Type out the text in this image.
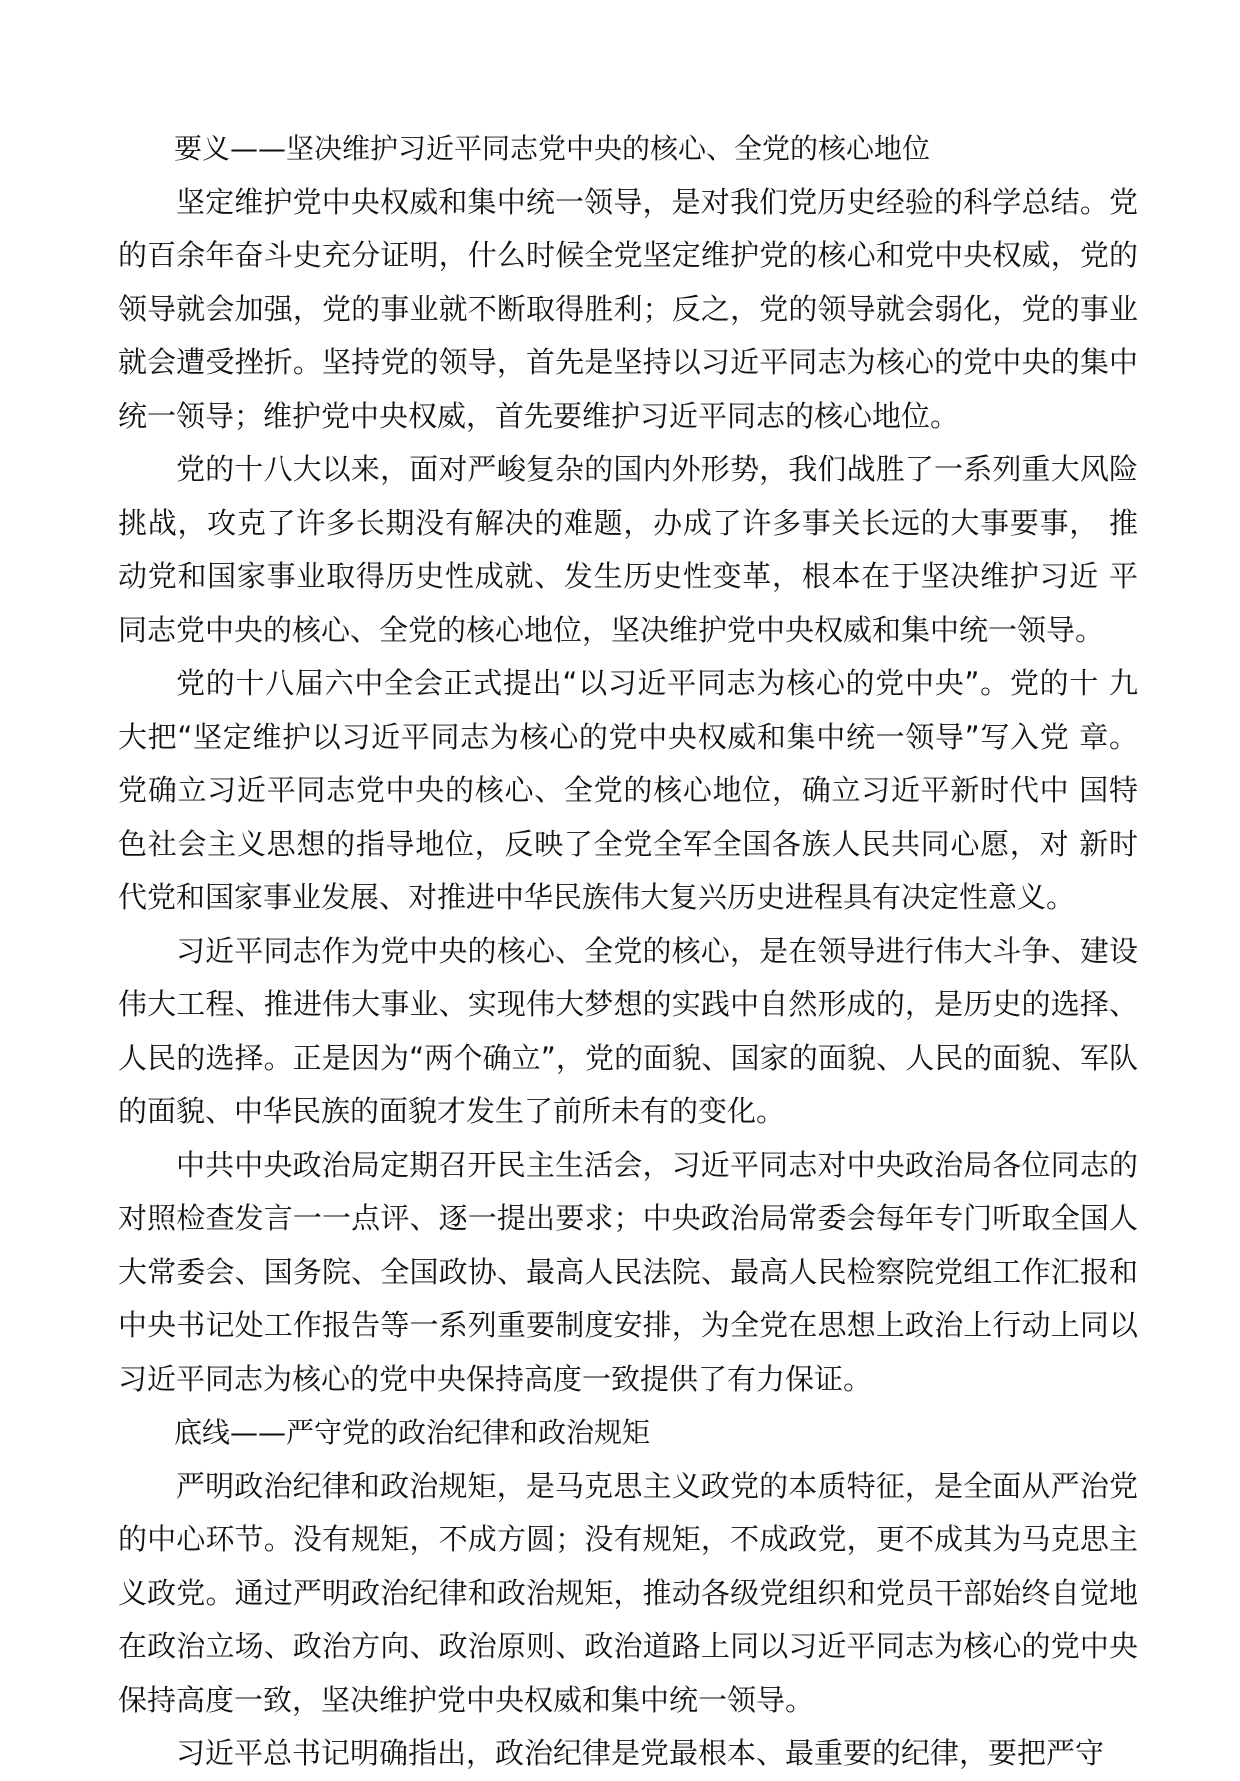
要义——坚决维护习近平同志党中央的核心、全党的核心地位

坚定维护党中央权威和集中统一领导，是对我们党历史经验的科学总结。党的百余年奋斗史充分证明，什么时候全党坚定维护党的核心和党中央权威，党的领导就会加强，党的事业就不断取得胜利；反之，党的领导就会弱化，党的事业就会遭受挫折。坚持党的领导，首先是坚持以习近平同志为核心的党中央的集中统一领导；维护党中央权威，首先要维护习近平同志的核心地位。

党的十八大以来，面对严峻复杂的国内外形势，我们战胜了一系列重大风险挑战，攻克了许多长期没有解决的难题，办成了许多事关长远的大事要事， 推动党和国家事业取得历史性成就、发生历史性变革，根本在于坚决维护习近 平同志党中央的核心、全党的核心地位，坚决维护党中央权威和集中统一领导。

党的十八届六中全会正式提出“以习近平同志为核心的党中央”。党的十 九大把“坚定维护以习近平同志为核心的党中央权威和集中统一领导”写入党 章。党确立习近平同志党中央的核心、全党的核心地位，确立习近平新时代中 国特色社会主义思想的指导地位，反映了全党全军全国各族人民共同心愿，对 新时代党和国家事业发展、对推进中华民族伟大复兴历史进程具有决定性意义。

习近平同志作为党中央的核心、全党的核心，是在领导进行伟大斗争、建设伟大工程、推进伟大事业、实现伟大梦想的实践中自然形成的，是历史的选择、人民的选择。正是因为“两个确立”，党的面貌、国家的面貌、人民的面貌、军队的面貌、中华民族的面貌才发生了前所未有的变化。

中共中央政治局定期召开民主生活会，习近平同志对中央政治局各位同志的对照检查发言一一点评、逐一提出要求；中央政治局常委会每年专门听取全国人大常委会、国务院、全国政协、最高人民法院、最高人民检察院党组工作汇报和中央书记处工作报告等一系列重要制度安排，为全党在思想上政治上行动上同以习近平同志为核心的党中央保持高度一致提供了有力保证。

底线——严守党的政治纪律和政治规矩

严明政治纪律和政治规矩，是马克思主义政党的本质特征，是全面从严治党的中心环节。没有规矩，不成方圆；没有规矩，不成政党，更不成其为马克思主义政党。通过严明政治纪律和政治规矩，推动各级党组织和党员干部始终自觉地在政治立场、政治方向、政治原则、政治道路上同以习近平同志为核心的党中央保持高度一致，坚决维护党中央权威和集中统一领导。

习近平总书记明确指出，政治纪律是党最根本、最重要的纪律，要把严守
